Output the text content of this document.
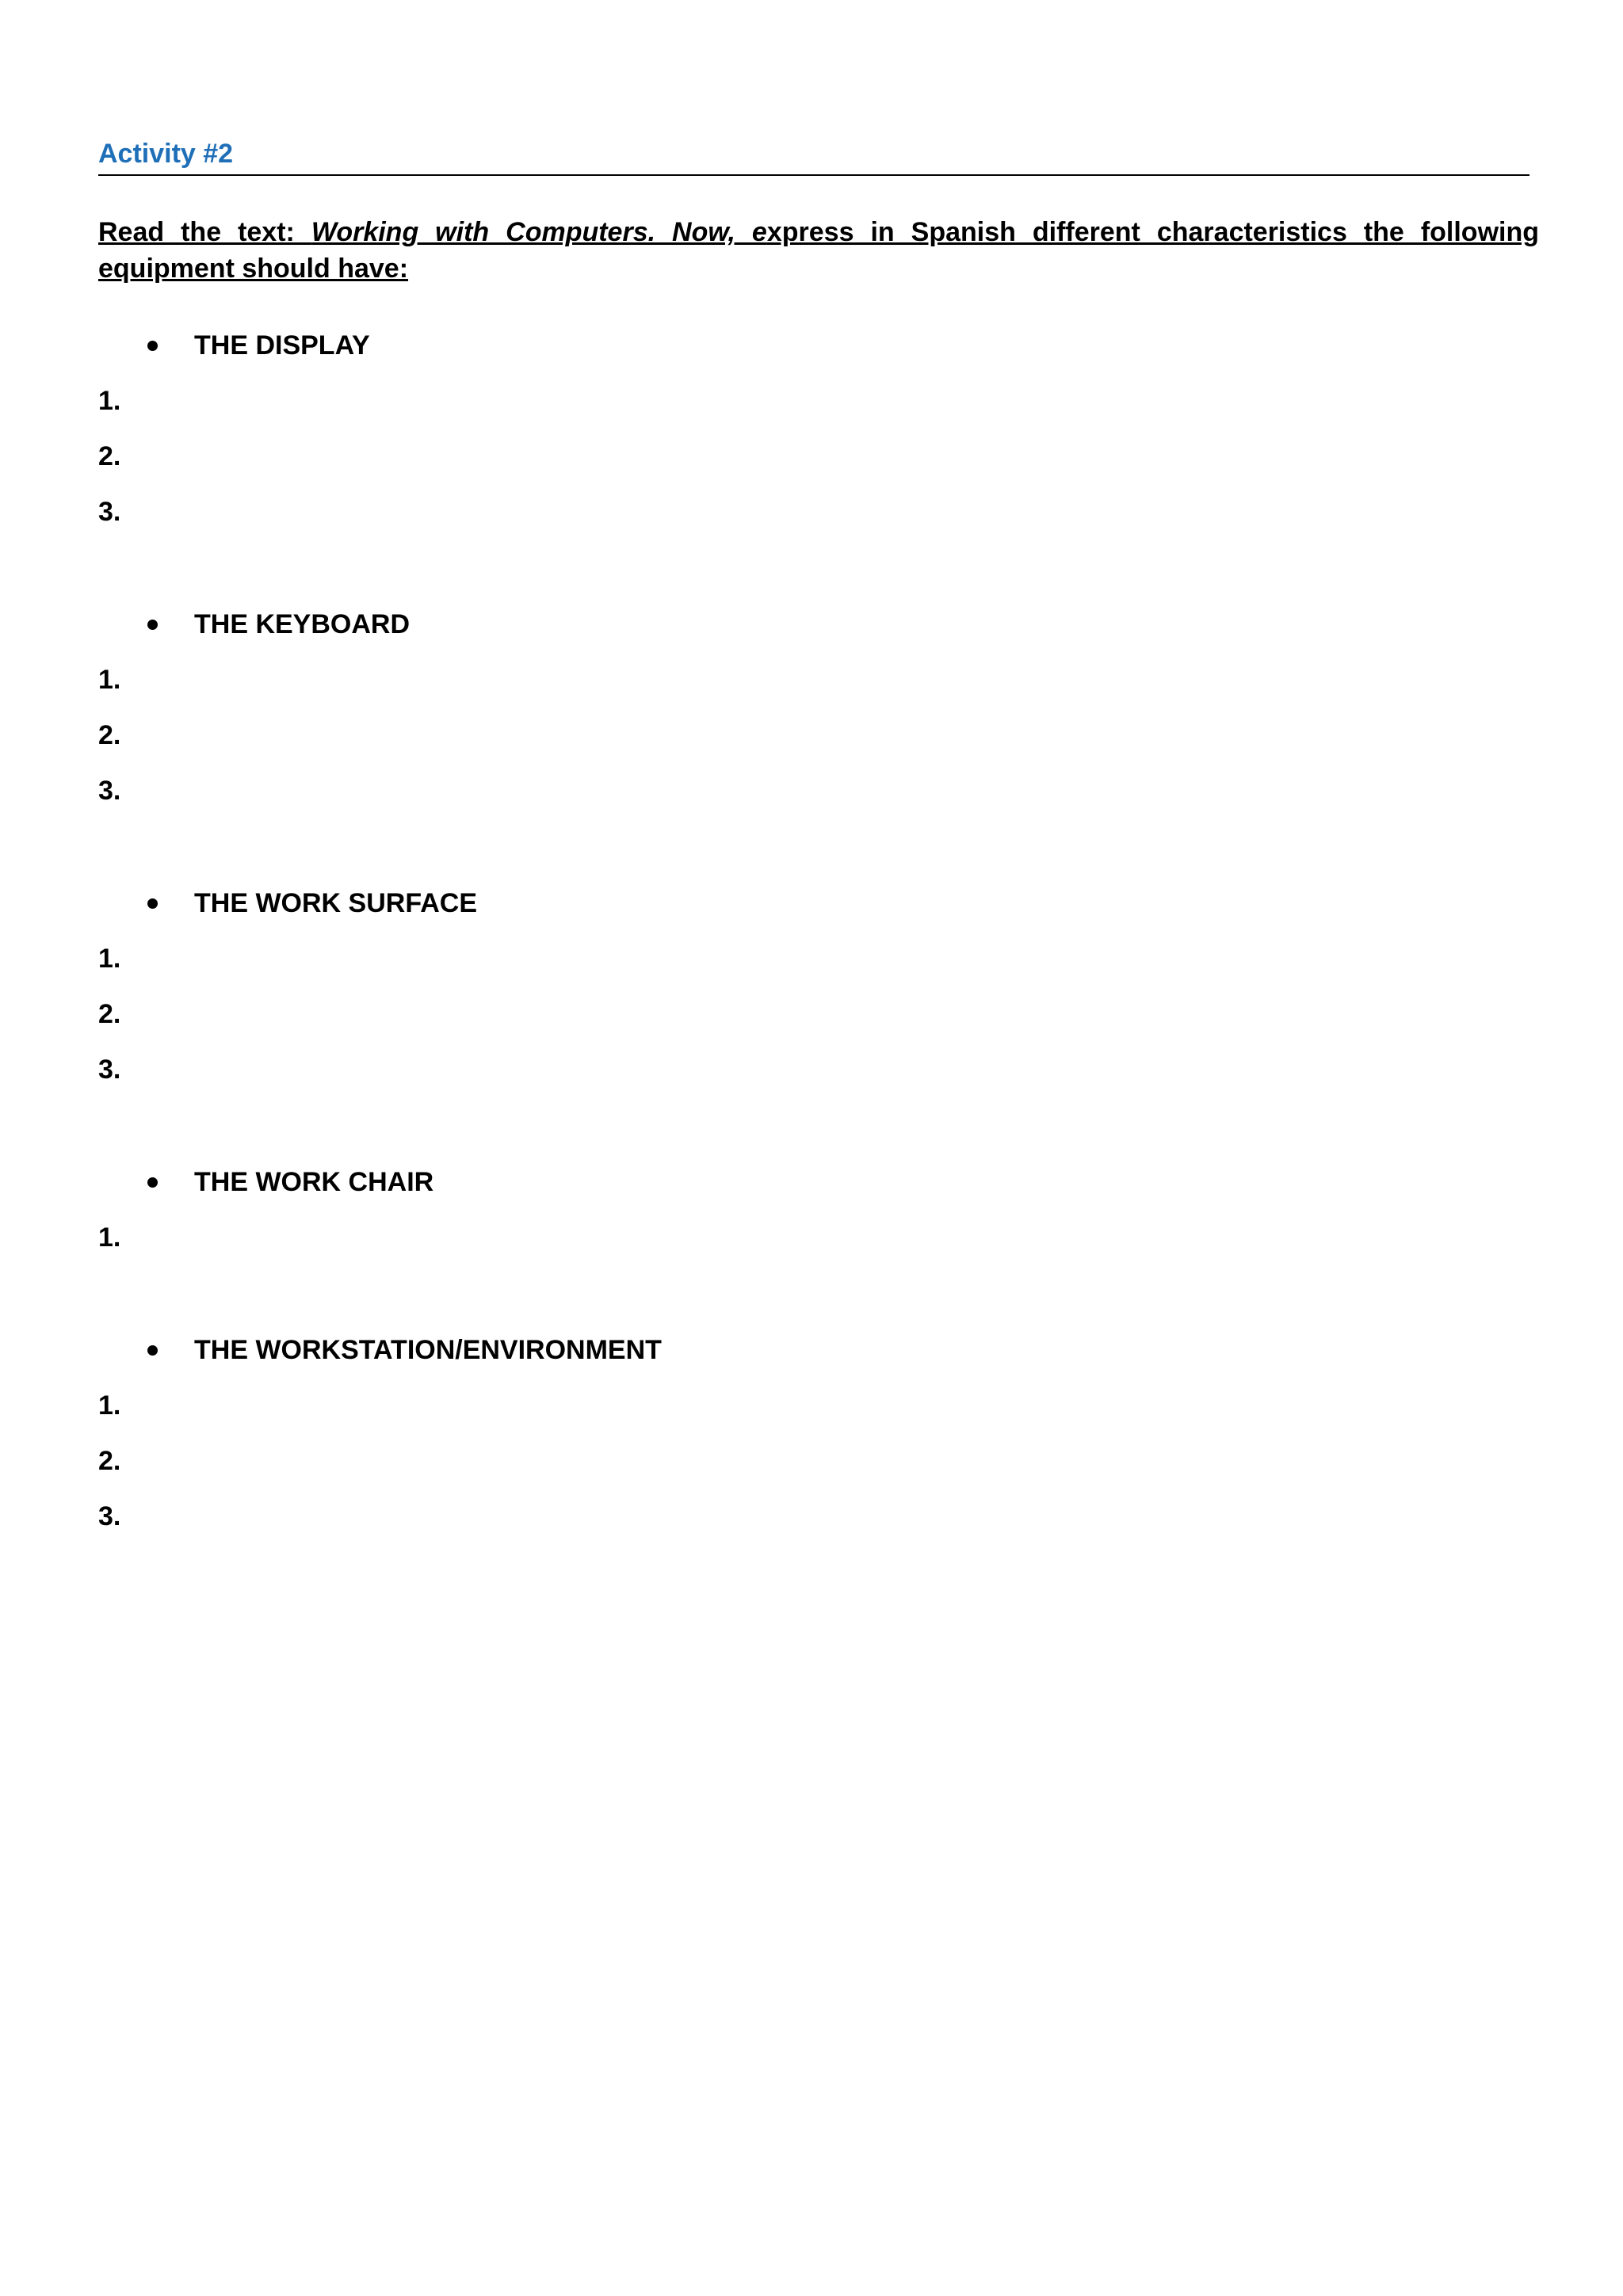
Activity #2
Read the text: Working with Computers. Now, express in Spanish different characteristics the following equipment should have:
THE DISPLAY
1.
2.
3.
THE KEYBOARD
1.
2.
3.
THE WORK SURFACE
1.
2.
3.
THE WORK CHAIR
1.
THE WORKSTATION/ENVIRONMENT
1.
2.
3.
